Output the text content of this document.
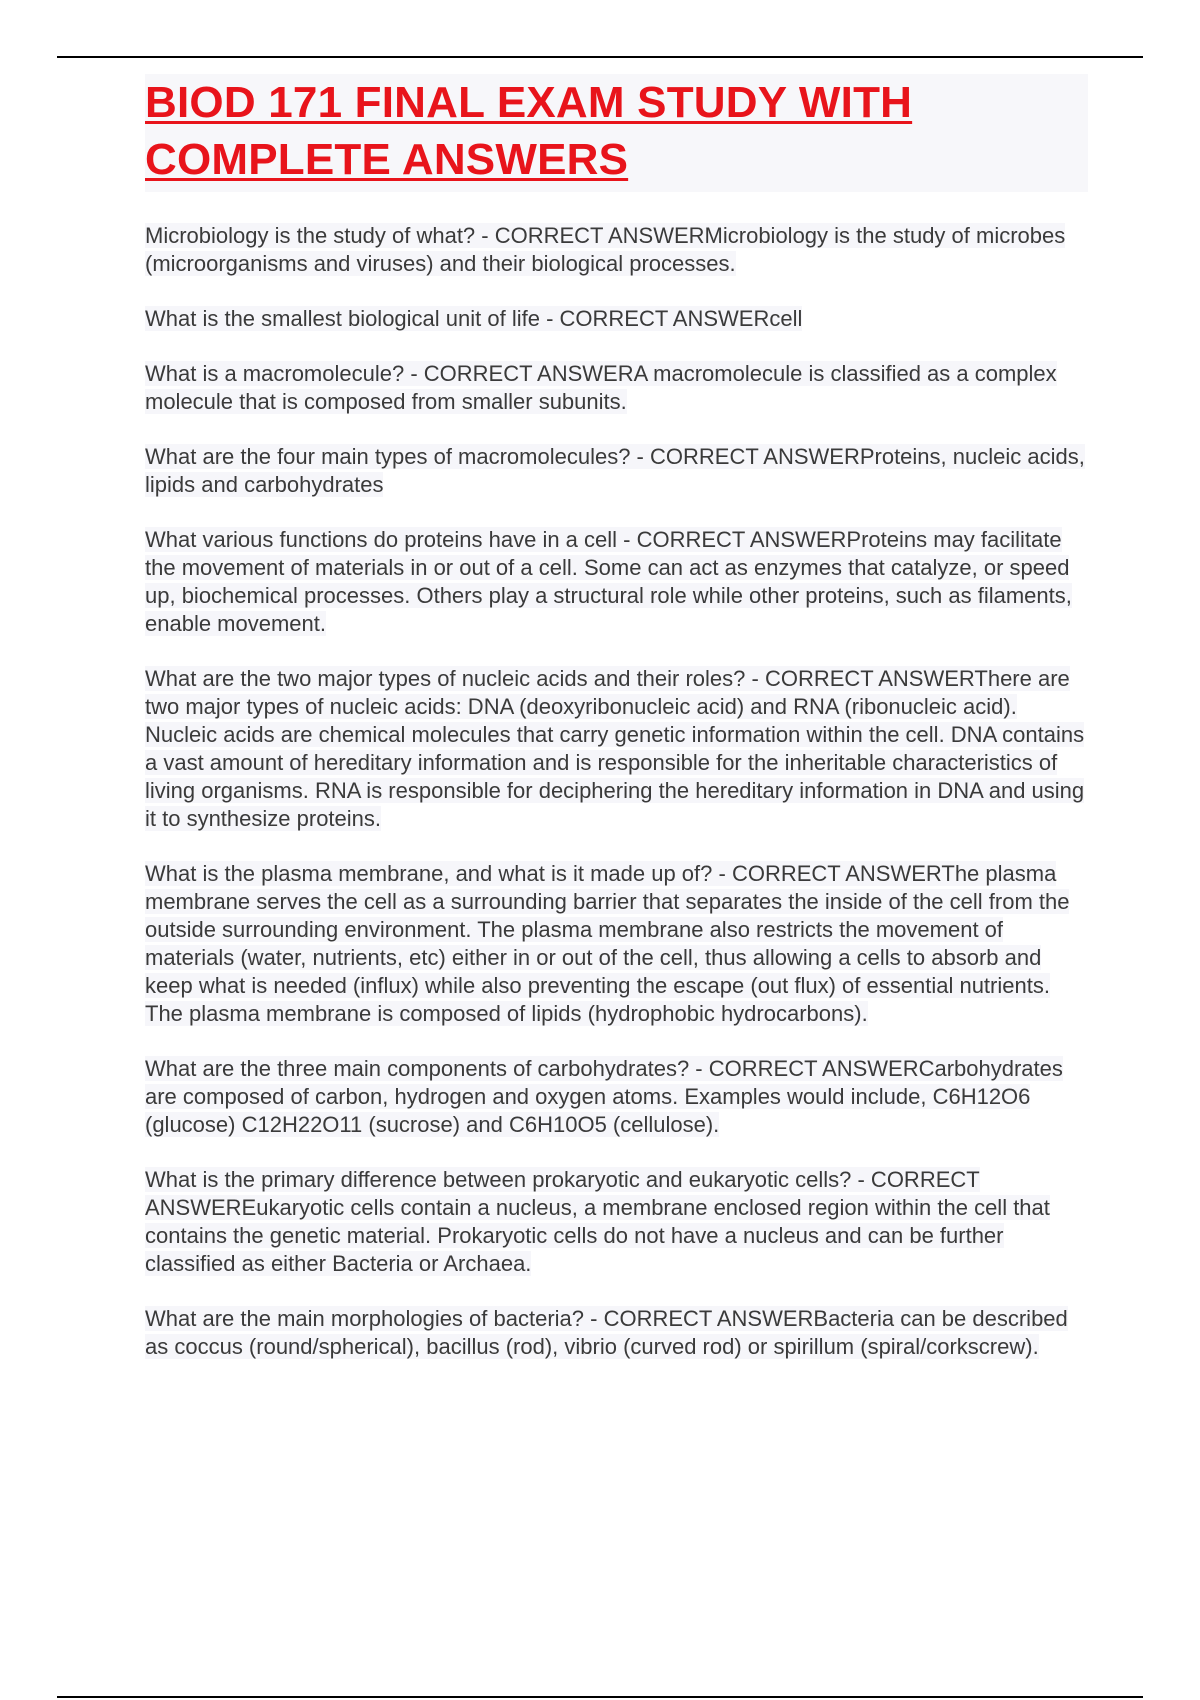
BIOD 171 FINAL EXAM STUDY WITH COMPLETE ANSWERS

Microbiology is the study of what? - CORRECT ANSWERMicrobiology is the study of microbes (microorganisms and viruses) and their biological processes.

What is the smallest biological unit of life - CORRECT ANSWERcell

What is a macromolecule? - CORRECT ANSWERA macromolecule is classified as a complex molecule that is composed from smaller subunits.

What are the four main types of macromolecules? - CORRECT ANSWERProteins, nucleic acids, lipids and carbohydrates

What various functions do proteins have in a cell - CORRECT ANSWERProteins may facilitate the movement of materials in or out of a cell. Some can act as enzymes that catalyze, or speed up, biochemical processes. Others play a structural role while other proteins, such as filaments, enable movement.

What are the two major types of nucleic acids and their roles? - CORRECT ANSWERThere are two major types of nucleic acids: DNA (deoxyribonucleic acid) and RNA (ribonucleic acid). Nucleic acids are chemical molecules that carry genetic information within the cell. DNA contains a vast amount of hereditary information and is responsible for the inheritable characteristics of living organisms. RNA is responsible for deciphering the hereditary information in DNA and using it to synthesize proteins.

What is the plasma membrane, and what is it made up of? - CORRECT ANSWERThe plasma membrane serves the cell as a surrounding barrier that separates the inside of the cell from the outside surrounding environment. The plasma membrane also restricts the movement of materials (water, nutrients, etc) either in or out of the cell, thus allowing a cells to absorb and keep what is needed (influx) while also preventing the escape (out flux) of essential nutrients. The plasma membrane is composed of lipids (hydrophobic hydrocarbons).

What are the three main components of carbohydrates? - CORRECT ANSWERCarbohydrates are composed of carbon, hydrogen and oxygen atoms. Examples would include, C6H12O6 (glucose) C12H22O11 (sucrose) and C6H10O5 (cellulose).

What is the primary difference between prokaryotic and eukaryotic cells? - CORRECT ANSWEREukaryotic cells contain a nucleus, a membrane enclosed region within the cell that contains the genetic material. Prokaryotic cells do not have a nucleus and can be further classified as either Bacteria or Archaea.

What are the main morphologies of bacteria? - CORRECT ANSWERBacteria can be described as coccus (round/spherical), bacillus (rod), vibrio (curved rod) or spirillum (spiral/corkscrew).
